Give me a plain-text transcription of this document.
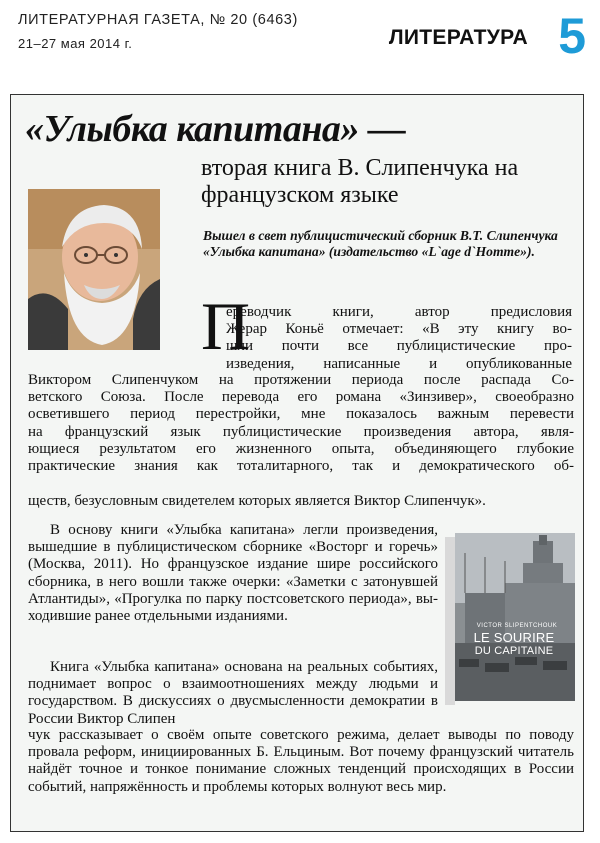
ЛИТЕРАТУРНАЯ ГАЗЕТА, № 20 (6463)
21–27 мая 2014 г.	ЛИТЕРАТУРА 5
«Улыбка капитана» —
вторая книга В. Слипенчука на французском языке
Вышел в свет публицистический сборник В.Т. Слипенчука «Улыбка капитана» (издательство «L`age d`Homme»).
П
ереводчик книги, автор предисловия
Жерар Коньё отмечает: «В эту книгу во-
шли почти все публицистические про-
изведения, написанные и опубликованные
Виктором Слипенчуком на протяжении периода после распада Со-
ветского Союза. После перевода его романа «Зинзивер», своеобразно
осветившего период перестройки, мне показалось важным перевести
на французский язык публицистические произведения автора, явля-
ющиеся результатом его жизненного опыта, объединяющего глубокие
практические знания как тоталитарного, так и демократического об-
ществ, безусловным свидетелем которых является Виктор Слипенчук».
В основу книги «Улыбка капитана» легли произведения, вышедшие в публицистическом сборнике «Восторг и горечь» (Москва, 2011). Но французское издание шире российского сборника, в него вошли также очерки: «Заметки с затонувшей Атлантиды», «Прогулка по парку постсоветского периода», выходившие ранее отдельными изданиями.
VICTOR SLIPENTCHOUK
LE SOURIRE
DU CAPITAINE
Книга «Улыбка капитана» основана на реальных событиях, поднимает вопрос о взаимоотношениях между людьми и государством. В дискуссиях о двусмысленности демократии в России Виктор Слипен
чук рассказывает о своём опыте советского режима, делает выводы по поводу провала реформ, инициированных Б. Ельциным. Вот почему французский читатель найдёт точное и тонкое понимание сложных тенденций происходящих в России событий, напряжённость и проблемы которых волнуют весь мир.
